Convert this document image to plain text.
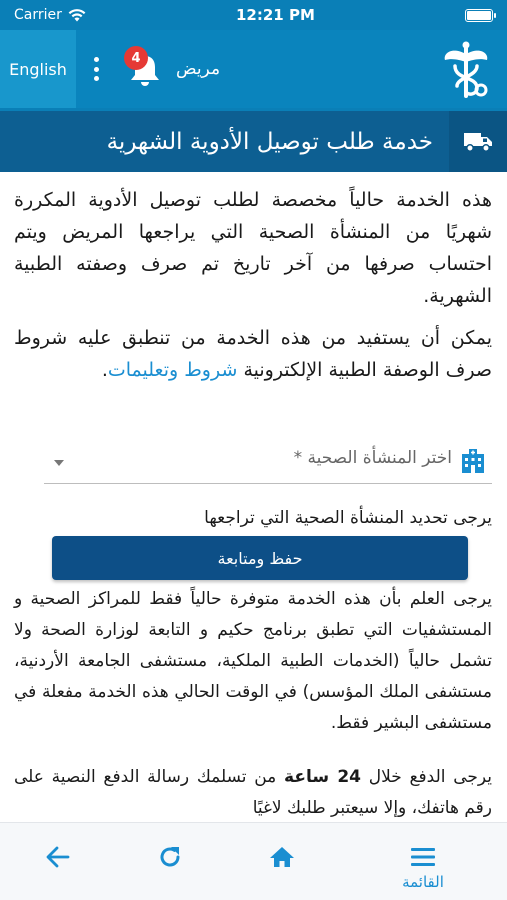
Carrier	12:21 PM
English
4
مريض
خدمة طلب توصيل الأدوية الشهرية

هذه الخدمة حالياً مخصصة لطلب توصيل الأدوية المكررة شهريًا من المنشأة الصحية التي يراجعها المريض ويتم احتساب صرفها من آخر تاريخ تم صرف وصفته الطبية الشهرية.

يمكن أن يستفيد من هذه الخدمة من تنطبق عليه شروط صرف الوصفة الطبية الإلكترونية شروط وتعليمات.

اختر المنشأة الصحية *

يرجى تحديد المنشأة الصحية التي تراجعها

حفظ ومتابعة

يرجى العلم بأن هذه الخدمة متوفرة حالياً فقط للمراكز الصحية و المستشفيات التي تطبق برنامج حكيم و التابعة لوزارة الصحة ولا تشمل حالياً (الخدمات الطبية الملكية، مستشفى الجامعة الأردنية، مستشفى الملك المؤسس) في الوقت الحالي هذه الخدمة مفعلة في مستشفى البشير فقط.

يرجى الدفع خلال 24 ساعة من تسلمك رسالة الدفع النصية على رقم هاتفك، وإلا سيعتبر طلبك لاغيًا

القائمة
